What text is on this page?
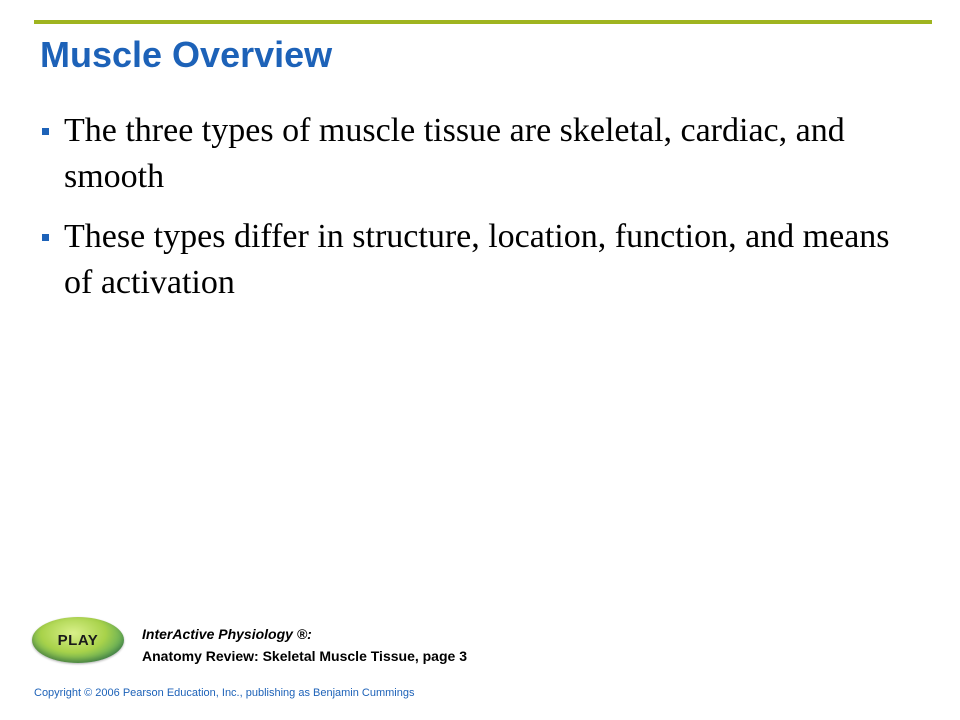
Muscle Overview
The three types of muscle tissue are skeletal, cardiac, and smooth
These types differ in structure, location, function, and means of activation
PLAY	InterActive Physiology ®:
Anatomy Review: Skeletal Muscle Tissue, page 3
Copyright © 2006 Pearson Education, Inc., publishing as Benjamin Cummings
